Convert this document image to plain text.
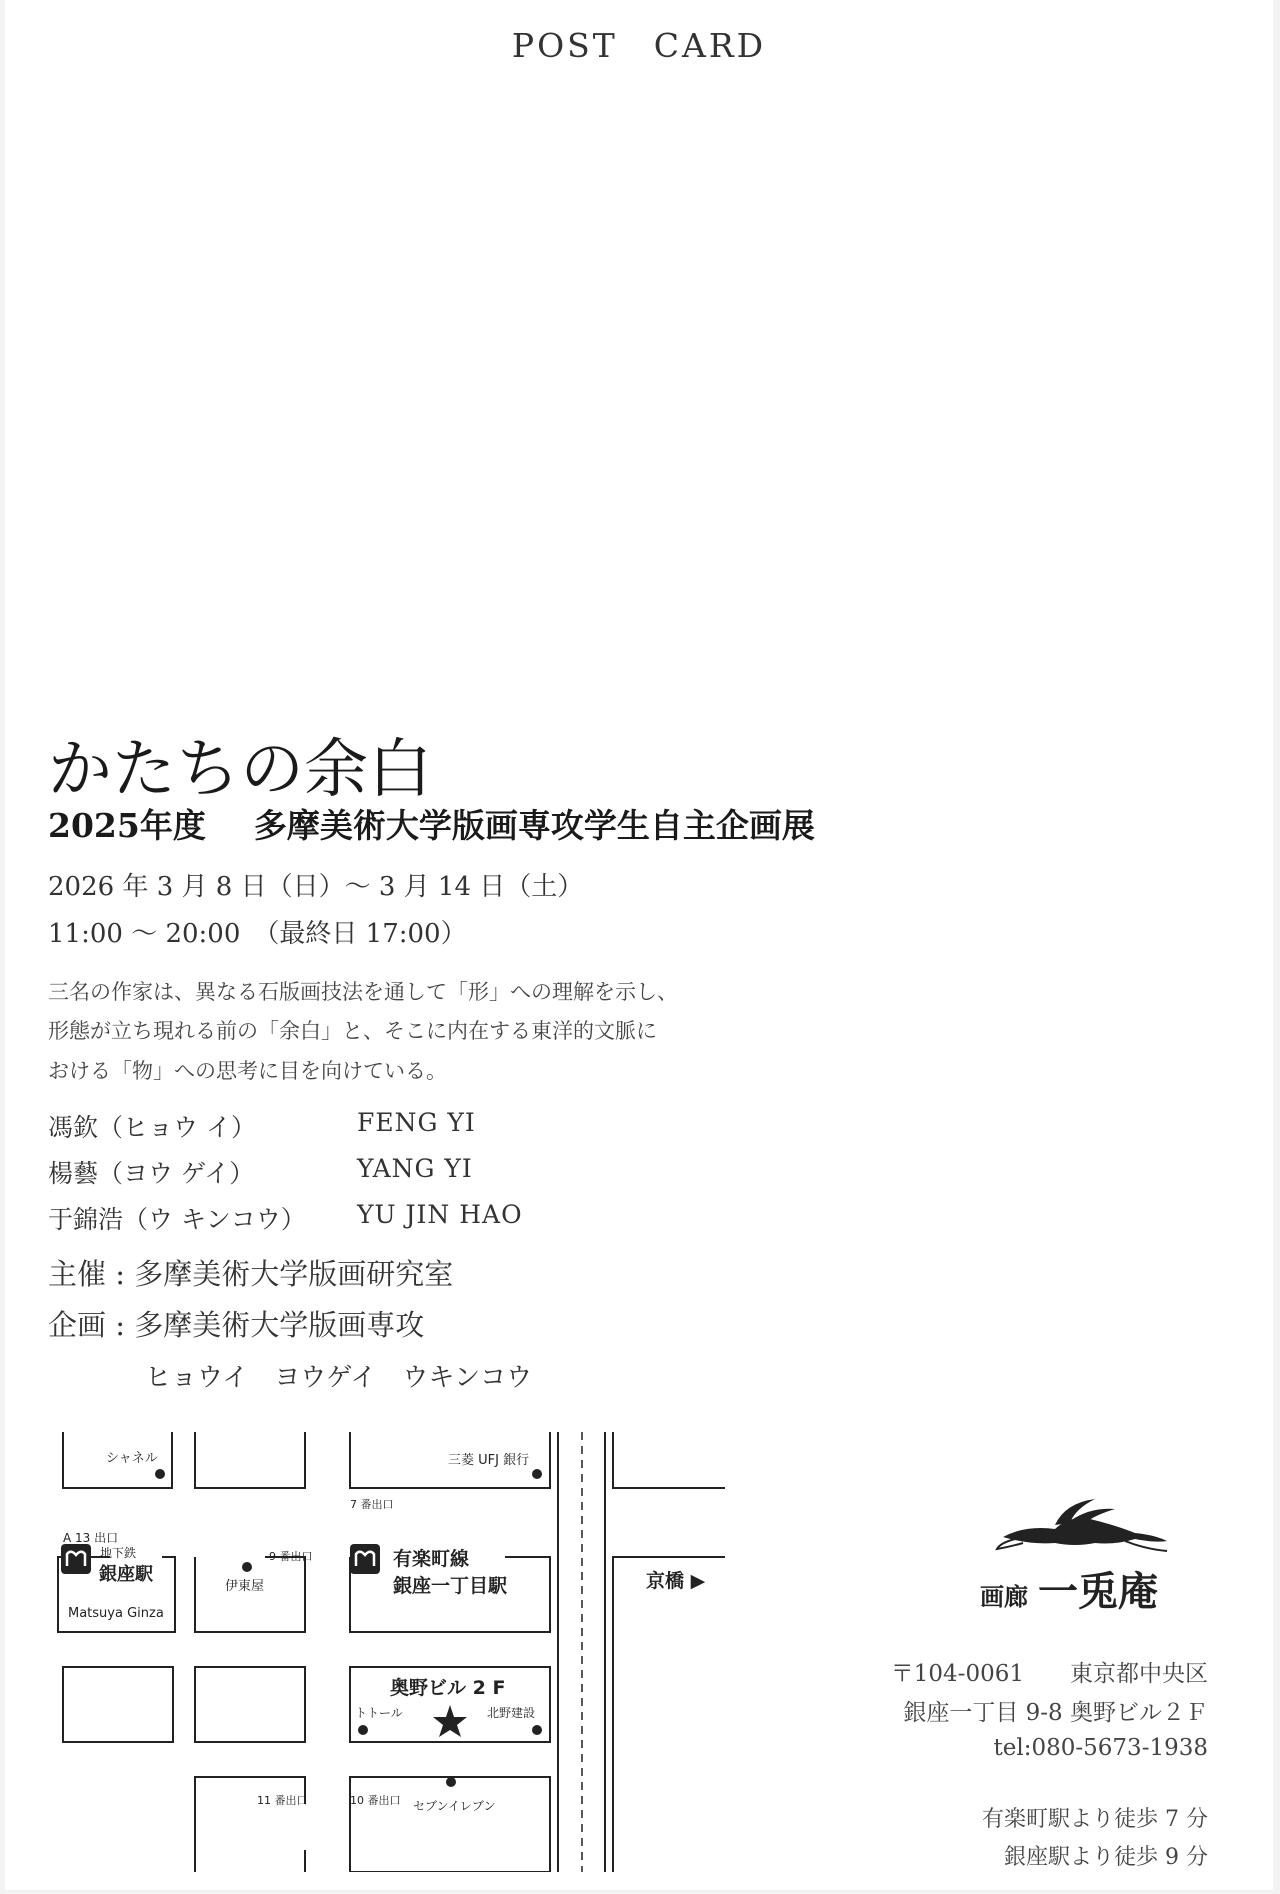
POST　CARD
かたちの余白
2025年度 多摩美術大学版画専攻学生自主企画展
2026 年 3 月 8 日（日）～ 3 月 14 日（土）
11:00 ～ 20:00　（最終日 17:00）
三名の作家は、異なる石版画技法を通して「形」への理解を示し、
形態が立ち現れる前の「余白」と、そこに内在する東洋的文脈に
おける「物」への思考に目を向けている。
馮欽（ヒョウ イ）	FENG YI
楊藝（ヨウ ゲイ）	YANG YI
于錦浩（ウ キンコウ） YU JIN HAO
主催 : 多摩美術大学版画研究室
企画 : 多摩美術大学版画専攻
ヒョウイ　ヨウゲイ　ウキンコウ
シャネル	三菱 UFJ 銀行
7 番出口
A 13 出口
地下鉄
銀座駅
Matsuya Ginza
9 番出口
伊東屋
有楽町線
銀座一丁目駅	京橋 ▶
奥野ビル 2 F
トトール	北野建設
11 番出口	10 番出口 セブンイレブン
画廊 一兎庵
〒104-0061　　東京都中央区
銀座一丁目 9-8 奥野ビル２Ｆ
tel:080-5673-1938
有楽町駅より徒歩 7 分
銀座駅より徒歩 9 分
